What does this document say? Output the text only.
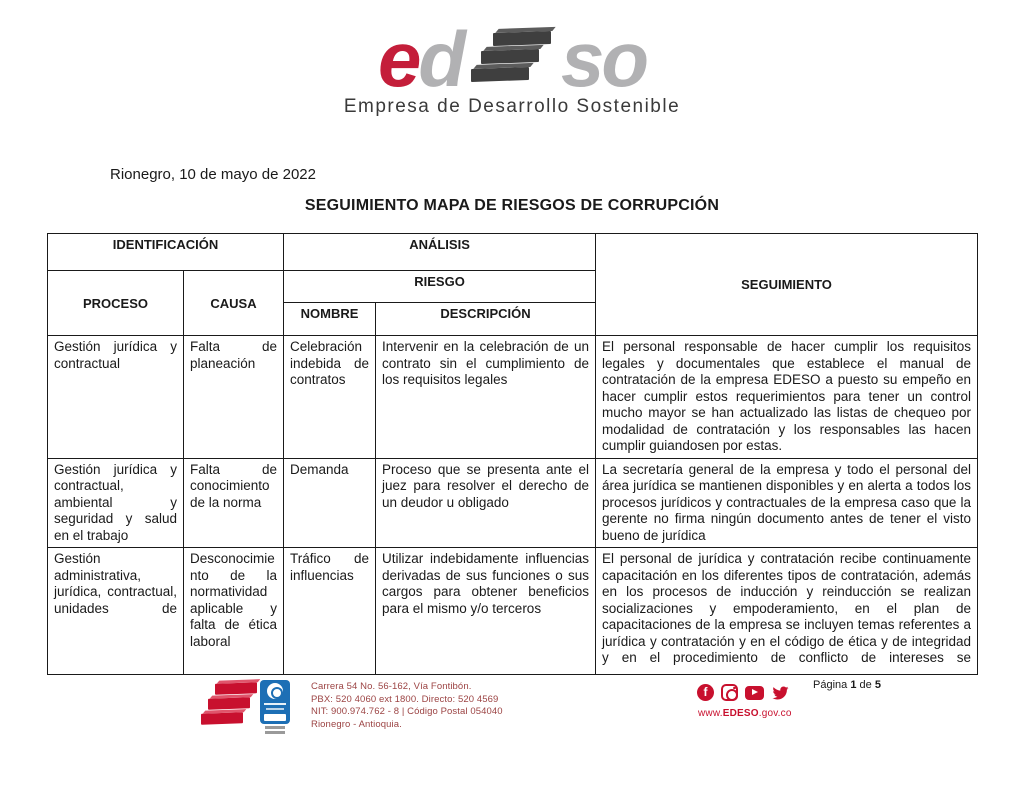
e d so
Empresa de Desarrollo Sostenible
Rionegro, 10 de mayo de 2022
SEGUIMIENTO MAPA DE RIESGOS DE CORRUPCIÓN
IDENTIFICACIÓN		ANÁLISIS		SEGUIMIENTO
PROCESO	CAUSA	RIESGO		
		NOMBRE	DESCRIPCIÓN	
Gestión jurídica y contractual	Falta de planeación	Celebración indebida de contratos	Intervenir en la celebración de un contrato sin el cumplimiento de los requisitos legales	El personal responsable de hacer cumplir los requisitos legales y documentales que establece el manual de contratación de la empresa EDESO a puesto su empeño en hacer cumplir estos requerimientos para tener un control mucho mayor se han actualizado las listas de chequeo por modalidad de contratación y los responsables las hacen cumplir guiandosen por estas.
Gestión jurídica y contractual, ambiental y seguridad y salud en el trabajo	Falta de conocimiento de la norma	Demanda	Proceso que se presenta ante el juez para resolver el derecho de un deudor u obligado	La secretaría general de la empresa y todo el personal del área jurídica se mantienen disponibles y en alerta a todos los procesos jurídicos y contractuales de la empresa caso que la gerente no firma ningún documento antes de tener el visto bueno de jurídica
Gestión administrativa, jurídica, contractual, unidades de	Desconocimiento de la normatividad aplicable y falta de ética laboral	Tráfico de influencias	Utilizar indebidamente influencias derivadas de sus funciones o sus cargos para obtener beneficios para el mismo y/o terceros	El personal de jurídica y contratación recibe continuamente capacitación en los diferentes tipos de contratación, además en los procesos de inducción y reinducción se realizan socializaciones y empoderamiento, en el plan de capacitaciones de la empresa se incluyen temas referentes a jurídica y contratación y en el código de ética y de integridad y en el procedimiento de conflicto de intereses se
Carrera 54 No. 56-162, Vía Fontibón.
PBX: 520 4060 ext 1800. Directo: 520 4569
NIT: 900.974.762 - 8 | Código Postal 054040
Rionegro - Antioquia.
f
www.EDESO.gov.co
Página 1 de 5
